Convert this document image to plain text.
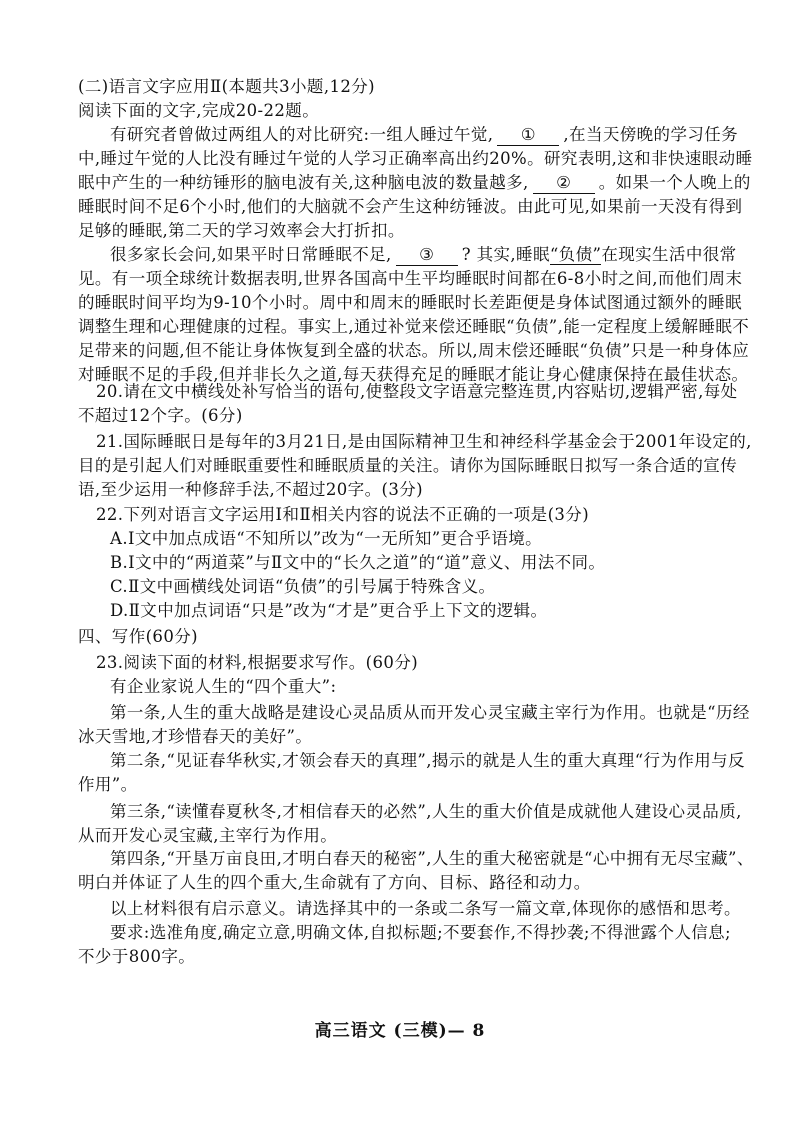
(二)语言文字应用Ⅱ(本题共3小题,12分)
阅读下面的文字,完成20-22题。
有研究者曾做过两组人的对比研究:一组人睡过午觉, ① ,在当天傍晚的学习任务
中,睡过午觉的人比没有睡过午觉的人学习正确率高出约20%。研究表明,这和非快速眼动睡
眠中产生的一种纺锤形的脑电波有关,这种脑电波的数量越多, ② 。如果一个人晚上的
睡眠时间不足6个小时,他们的大脑就不会产生这种纺锤波。由此可见,如果前一天没有得到
足够的睡眠,第二天的学习效率会大打折扣。
很多家长会问,如果平时日常睡眠不足, ③ ? 其实,睡眠“负债”在现实生活中很常
见。有一项全球统计数据表明,世界各国高中生平均睡眠时间都在6-8小时之间,而他们周末
的睡眠时间平均为9-10个小时。周中和周末的睡眠时长差距便是身体试图通过额外的睡眠
调整生理和心理健康的过程。事实上,通过补觉来偿还睡眠“负债”,能一定程度上缓解睡眠不
足带来的问题,但不能让身体恢复到全盛的状态。所以,周末偿还睡眠“负债”只是一种身体应
对睡眠不足的手段,但并非长久之道,每天获得充足的睡眠才能让身心健康保持在最佳状态。
20.请在文中横线处补写恰当的语句,使整段文字语意完整连贯,内容贴切,逻辑严密,每处
不超过12个字。(6分)
21.国际睡眠日是每年的3月21日,是由国际精神卫生和神经科学基金会于2001年设定的,
目的是引起人们对睡眠重要性和睡眠质量的关注。请你为国际睡眠日拟写一条合适的宣传
语,至少运用一种修辞手法,不超过20字。(3分)
22.下列对语言文字运用Ⅰ和Ⅱ相关内容的说法不正确的一项是(3分)
A.Ⅰ文中加点成语“不知所以”改为“一无所知”更合乎语境。
B.Ⅰ文中的“两道菜”与Ⅱ文中的“长久之道”的“道”意义、用法不同。
C.Ⅱ文中画横线处词语“负债”的引号属于特殊含义。
D.Ⅱ文中加点词语“只是”改为“才是”更合乎上下文的逻辑。
四、写作(60分)
23.阅读下面的材料,根据要求写作。(60分)
有企业家说人生的“四个重大”:
第一条,人生的重大战略是建设心灵品质从而开发心灵宝藏主宰行为作用。也就是“历经
冰天雪地,才珍惜春天的美好”。
第二条,“见证春华秋实,才领会春天的真理”,揭示的就是人生的重大真理“行为作用与反
作用”。
第三条,“读懂春夏秋冬,才相信春天的必然”,人生的重大价值是成就他人建设心灵品质,
从而开发心灵宝藏,主宰行为作用。
第四条,“开垦万亩良田,才明白春天的秘密”,人生的重大秘密就是“心中拥有无尽宝藏”、
明白并体证了人生的四个重大,生命就有了方向、目标、路径和动力。
以上材料很有启示意义。请选择其中的一条或二条写一篇文章,体现你的感悟和思考。
要求:选准角度,确定立意,明确文体,自拟标题;不要套作,不得抄袭;不得泄露个人信息;
不少于800字。
高三语文 (三模)— 8
